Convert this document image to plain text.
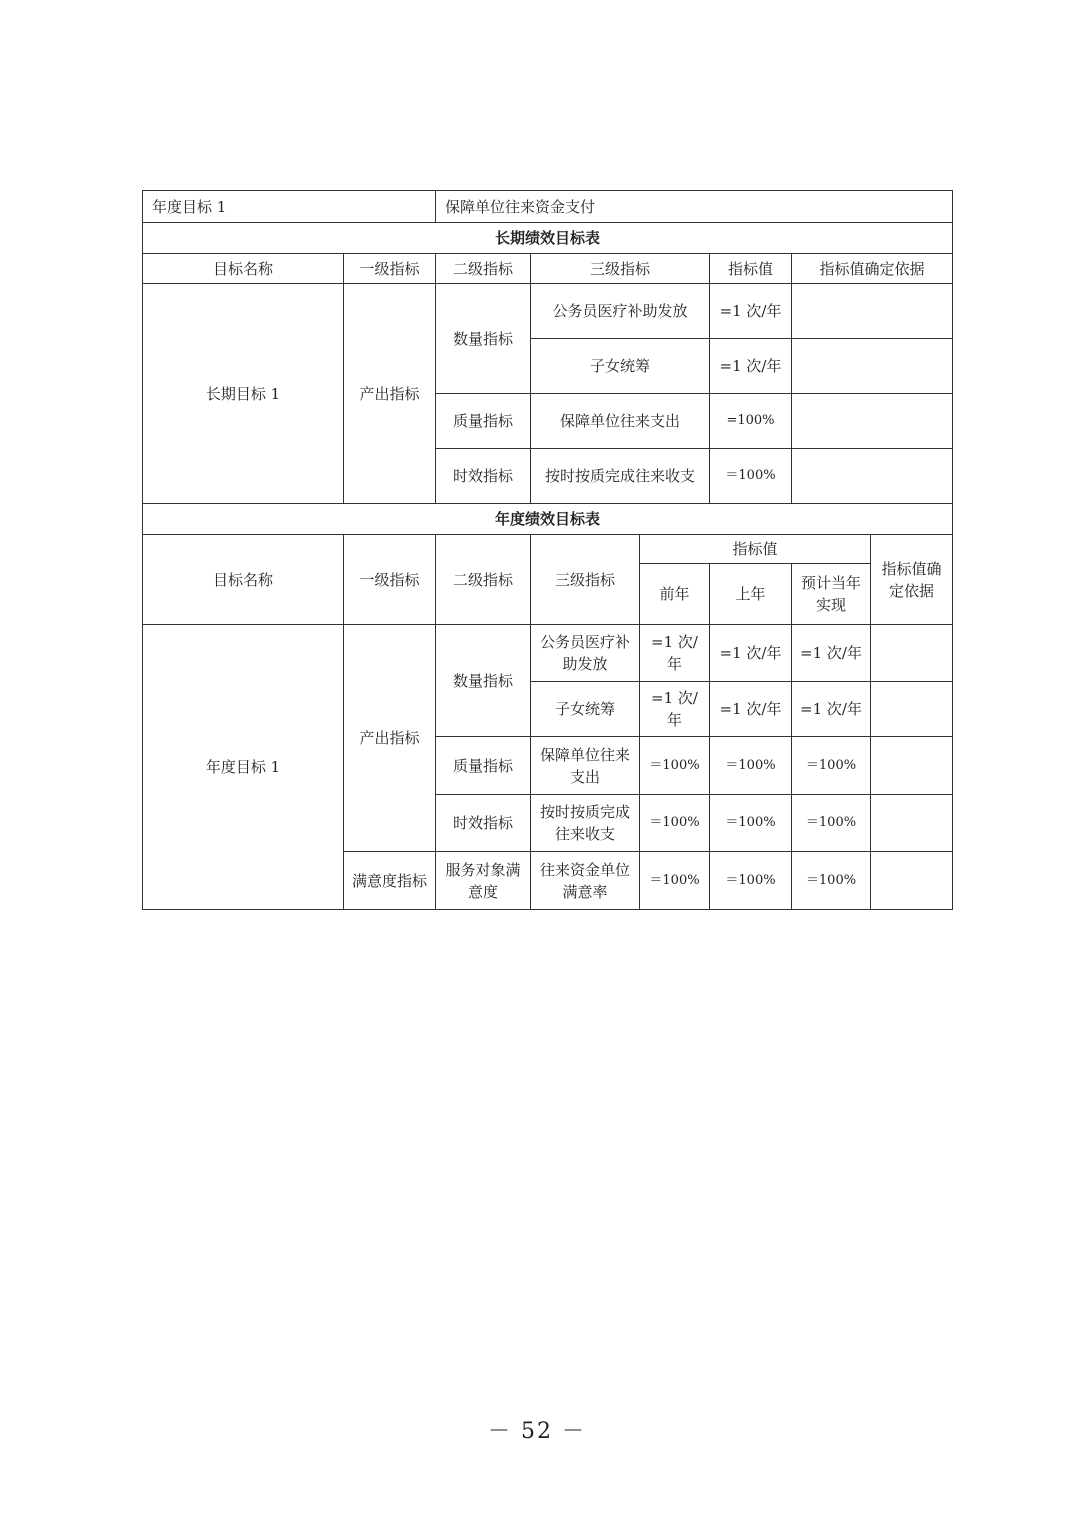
年度目标 1		保障单位往来资金支付					
长期绩效目标表							
目标名称	一级指标	二级指标	三级指标		指标值	指标值确定依据	
长期目标 1	产出指标	数量指标	公务员医疗补助发放		=1 次/年		
			子女统筹		=1 次/年		
		质量指标	保障单位往来支出		=100%		
		时效指标	按时按质完成往来收支		＝100%		
年度绩效目标表							
目标名称	一级指标	二级指标	三级指标	指标值			指标值确定依据
				前年	上年	预计当年实现	
年度目标 1	产出指标	数量指标	公务员医疗补助发放	=1 次/年	=1 次/年	=1 次/年	
			子女统筹	=1 次/年	=1 次/年	=1 次/年	
		质量指标	保障单位往来支出	＝100%	＝100%	＝100%	
		时效指标	按时按质完成往来收支	＝100%	＝100%	＝100%	
	满意度指标	服务对象满意度	往来资金单位满意率	＝100%	＝100%	＝100%	
－ 52 －
